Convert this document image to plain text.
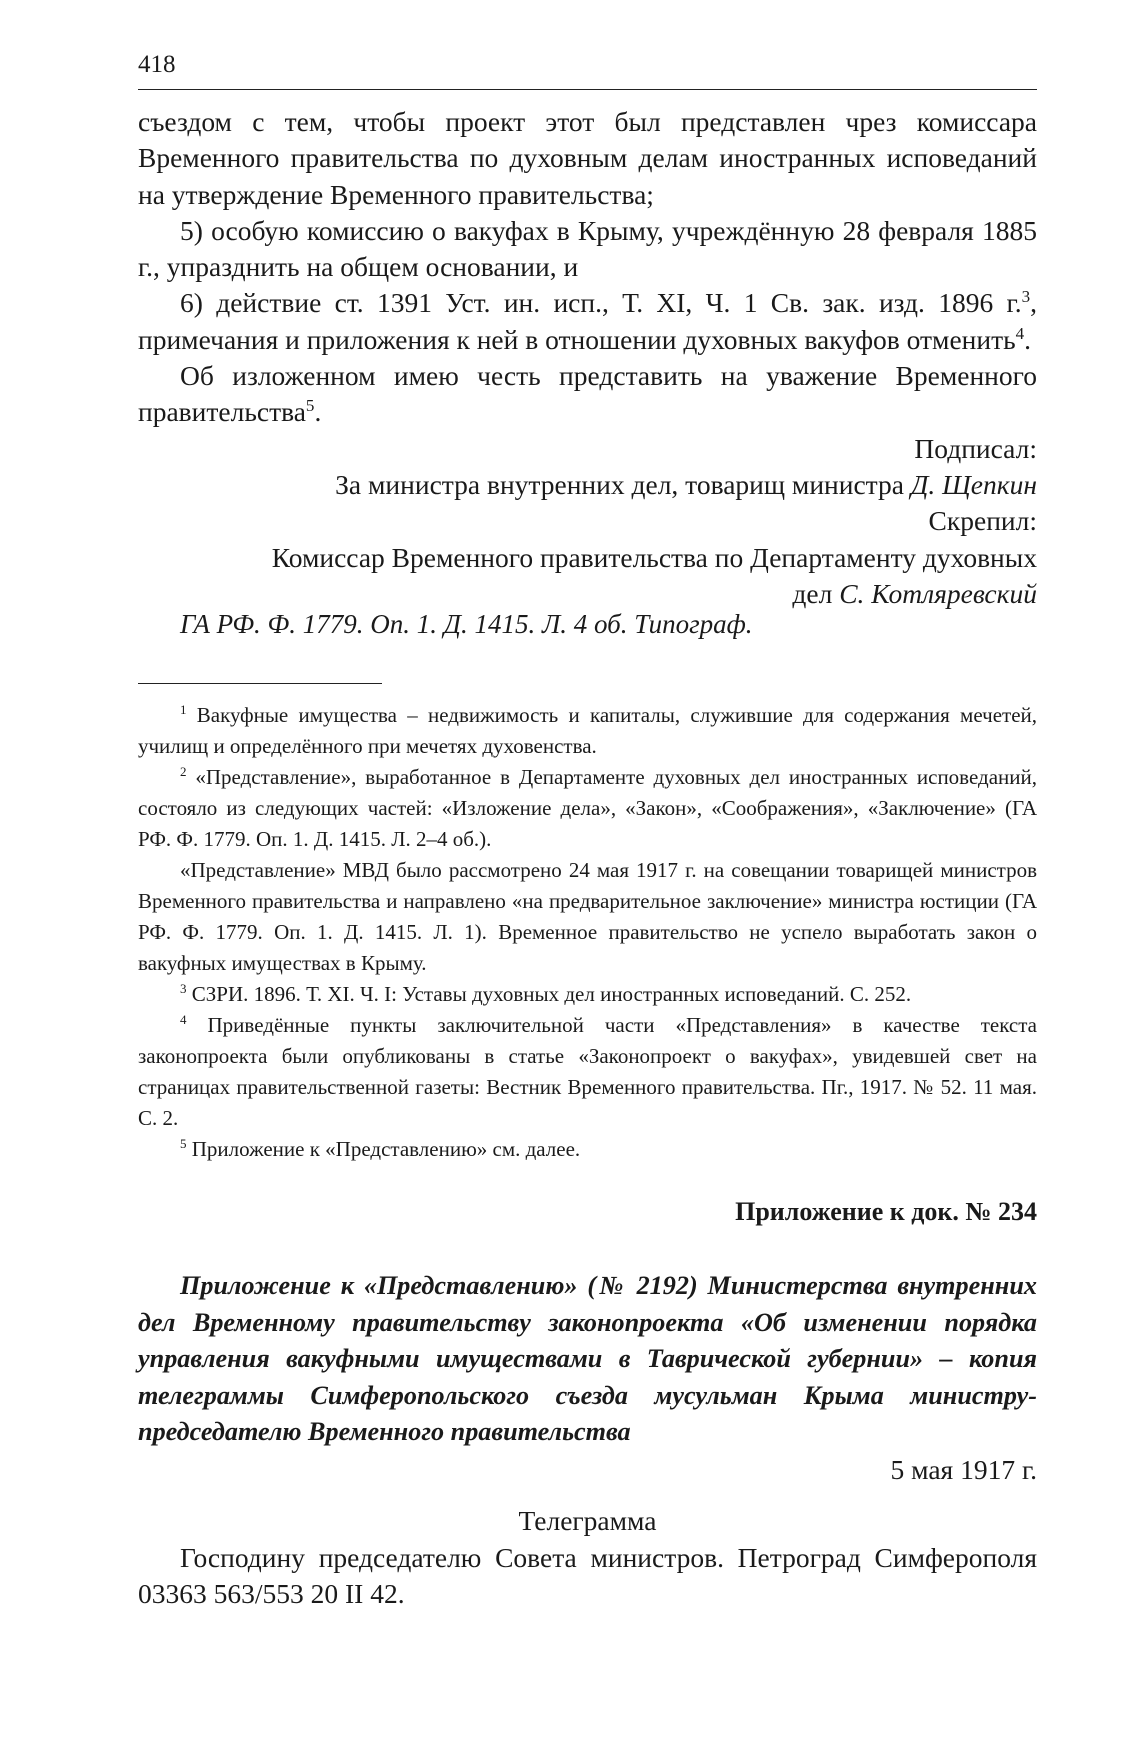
418

съездом с тем, чтобы проект этот был представлен чрез комиссара Временного правительства по духовным делам иностранных исповеданий на утверждение Временного правительства;

5) особую комиссию о вакуфах в Крыму, учреждённую 28 февраля 1885 г., упразднить на общем основании, и

6) действие ст. 1391 Уст. ин. исп., Т. XI, Ч. 1 Св. зак. изд. 1896 г.$^3$, примечания и приложения к ней в отношении духовных вакуфов отменить$^4$.

Об изложенном имею честь представить на уважение Временного правительства$^5$.

Подписал:

За министра внутренних дел, товарищ министра Д. Щепкин

Скрепил:

Комиссар Временного правительства по Департаменту духовных

дел С. Котляревский

ГА РФ. Ф. 1779. Оп. 1. Д. 1415. Л. 4 об. Типограф.

$^1$ Вакуфные имущества – недвижимость и капиталы, служившие для содержания мечетей, училищ и определённого при мечетях духовенства.

$^2$ «Представление», выработанное в Департаменте духовных дел иностранных исповеданий, состояло из следующих частей: «Изложение дела», «Закон», «Соображения», «Заключение» (ГА РФ. Ф. 1779. Оп. 1. Д. 1415. Л. 2–4 об.).

«Представление» МВД было рассмотрено 24 мая 1917 г. на совещании товарищей министров Временного правительства и направлено «на предварительное заключение» министра юстиции (ГА РФ. Ф. 1779. Оп. 1. Д. 1415. Л. 1). Временное правительство не успело выработать закон о вакуфных имуществах в Крыму.

$^3$ СЗРИ. 1896. Т. XI. Ч. I: Уставы духовных дел иностранных исповеданий. С. 252.

$^4$ Приведённые пункты заключительной части «Представления» в качестве текста законопроекта были опубликованы в статье «Законопроект о вакуфах», увидевшей свет на страницах правительственной газеты: Вестник Временного правительства. Пг., 1917. № 52. 11 мая. С. 2.

$^5$ Приложение к «Представлению» см. далее.

Приложение к док. № 234

Приложение к «Представлению» (№ 2192) Министерства внутренних дел Временному правительству законопроекта «Об изменении порядка управления вакуфными имуществами в Таврической губернии» – копия телеграммы Симферопольского съезда мусульман Крыма министру-председателю Временного правительства

5 мая 1917 г.
Телеграмма

Господину председателю Совета министров. Петроград Симферополя 03363 563/553 20 II 42.
